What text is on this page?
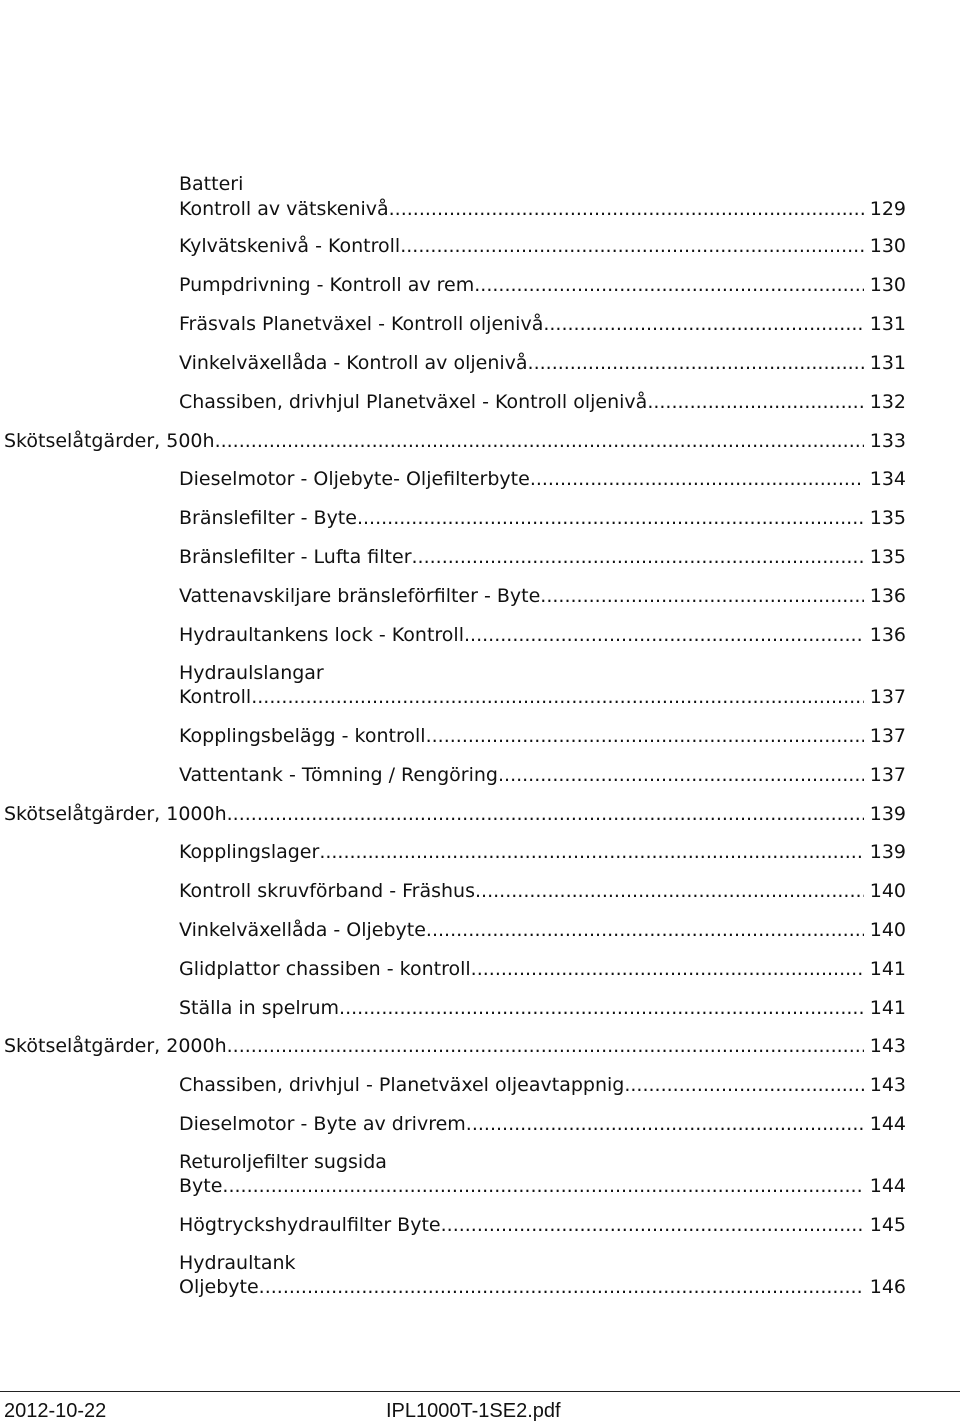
Batteri
Kontroll av vätskenivå .....	129
Kylvätskenivå - Kontroll .....	130
Pumpdrivning - Kontroll av rem .....	130
Fräsvals Planetväxel - Kontroll oljenivå .....	131
Vinkelväxellåda - Kontroll av oljenivå .....	131
Chassiben, drivhjul Planetväxel - Kontroll oljenivå .....	132
Skötselåtgärder, 500h .....	133
Dieselmotor - Oljebyte- Oljefilterbyte .....	134
Bränslefilter - Byte .....	135
Bränslefilter - Lufta filter .....	135
Vattenavskiljare bränsleförfilter - Byte .....	136
Hydraultankens lock - Kontroll .....	136
Hydraulslangar
Kontroll .....	137
Kopplingsbelägg - kontroll .....	137
Vattentank - Tömning / Rengöring .....	137
Skötselåtgärder, 1000h .....	139
Kopplingslager .....	139
Kontroll skruvförband - Fräshus .....	140
Vinkelväxellåda - Oljebyte .....	140
Glidplattor chassiben - kontroll .....	141
Ställa in spelrum .....	141
Skötselåtgärder, 2000h .....	143
Chassiben, drivhjul - Planetväxel oljeavtappnig .....	143
Dieselmotor - Byte av drivrem .....	144
Returoljefilter sugsida
Byte .....	144
Högtryckshydraulfilter Byte .....	145
Hydraultank
Oljebyte .....	146
2012-10-22	IPL1000T-1SE2.pdf
